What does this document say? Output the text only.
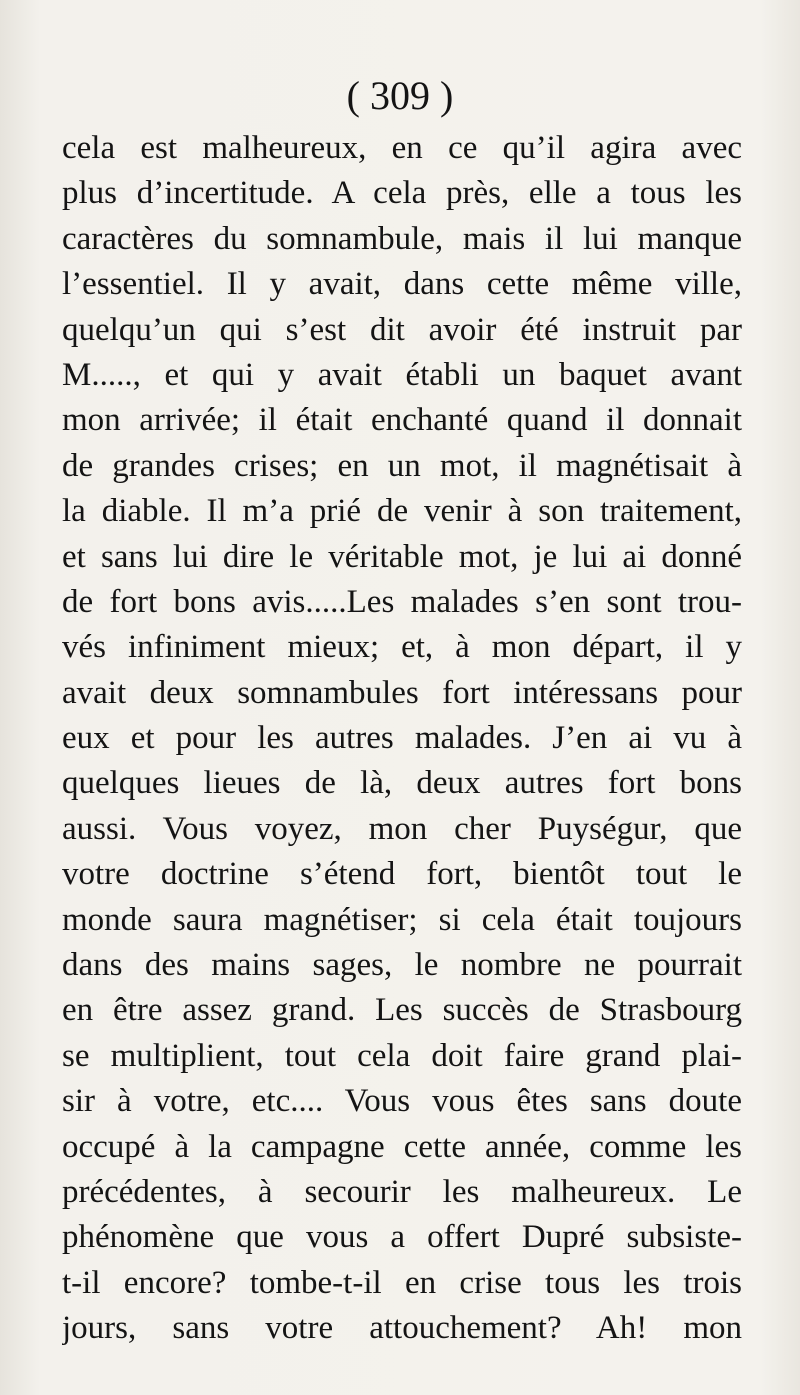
( 309 )
cela est malheureux, en ce qu’il agira avec
plus d’incertitude. A cela près, elle a tous les
caractères du somnambule, mais il lui manque
l’essentiel. Il y avait, dans cette même ville,
quelqu’un qui s’est dit avoir été instruit par
M....., et qui y avait établi un baquet avant
mon arrivée; il était enchanté quand il donnait
de grandes crises; en un mot, il magnétisait à
la diable. Il m’a prié de venir à son traitement,
et sans lui dire le véritable mot, je lui ai donné
de fort bons avis.....Les malades s’en sont trou-
vés infiniment mieux; et, à mon départ, il y
avait deux somnambules fort intéressans pour
eux et pour les autres malades. J’en ai vu à
quelques lieues de là, deux autres fort bons
aussi. Vous voyez, mon cher Puységur, que
votre doctrine s’étend fort, bientôt tout le
monde saura magnétiser; si cela était toujours
dans des mains sages, le nombre ne pourrait
en être assez grand. Les succès de Strasbourg
se multiplient, tout cela doit faire grand plai-
sir à votre, etc.... Vous vous êtes sans doute
occupé à la campagne cette année, comme les
précédentes, à secourir les malheureux. Le
phénomène que vous a offert Dupré subsiste-
t-il encore? tombe-t-il en crise tous les trois
jours, sans votre attouchement? Ah! mon
